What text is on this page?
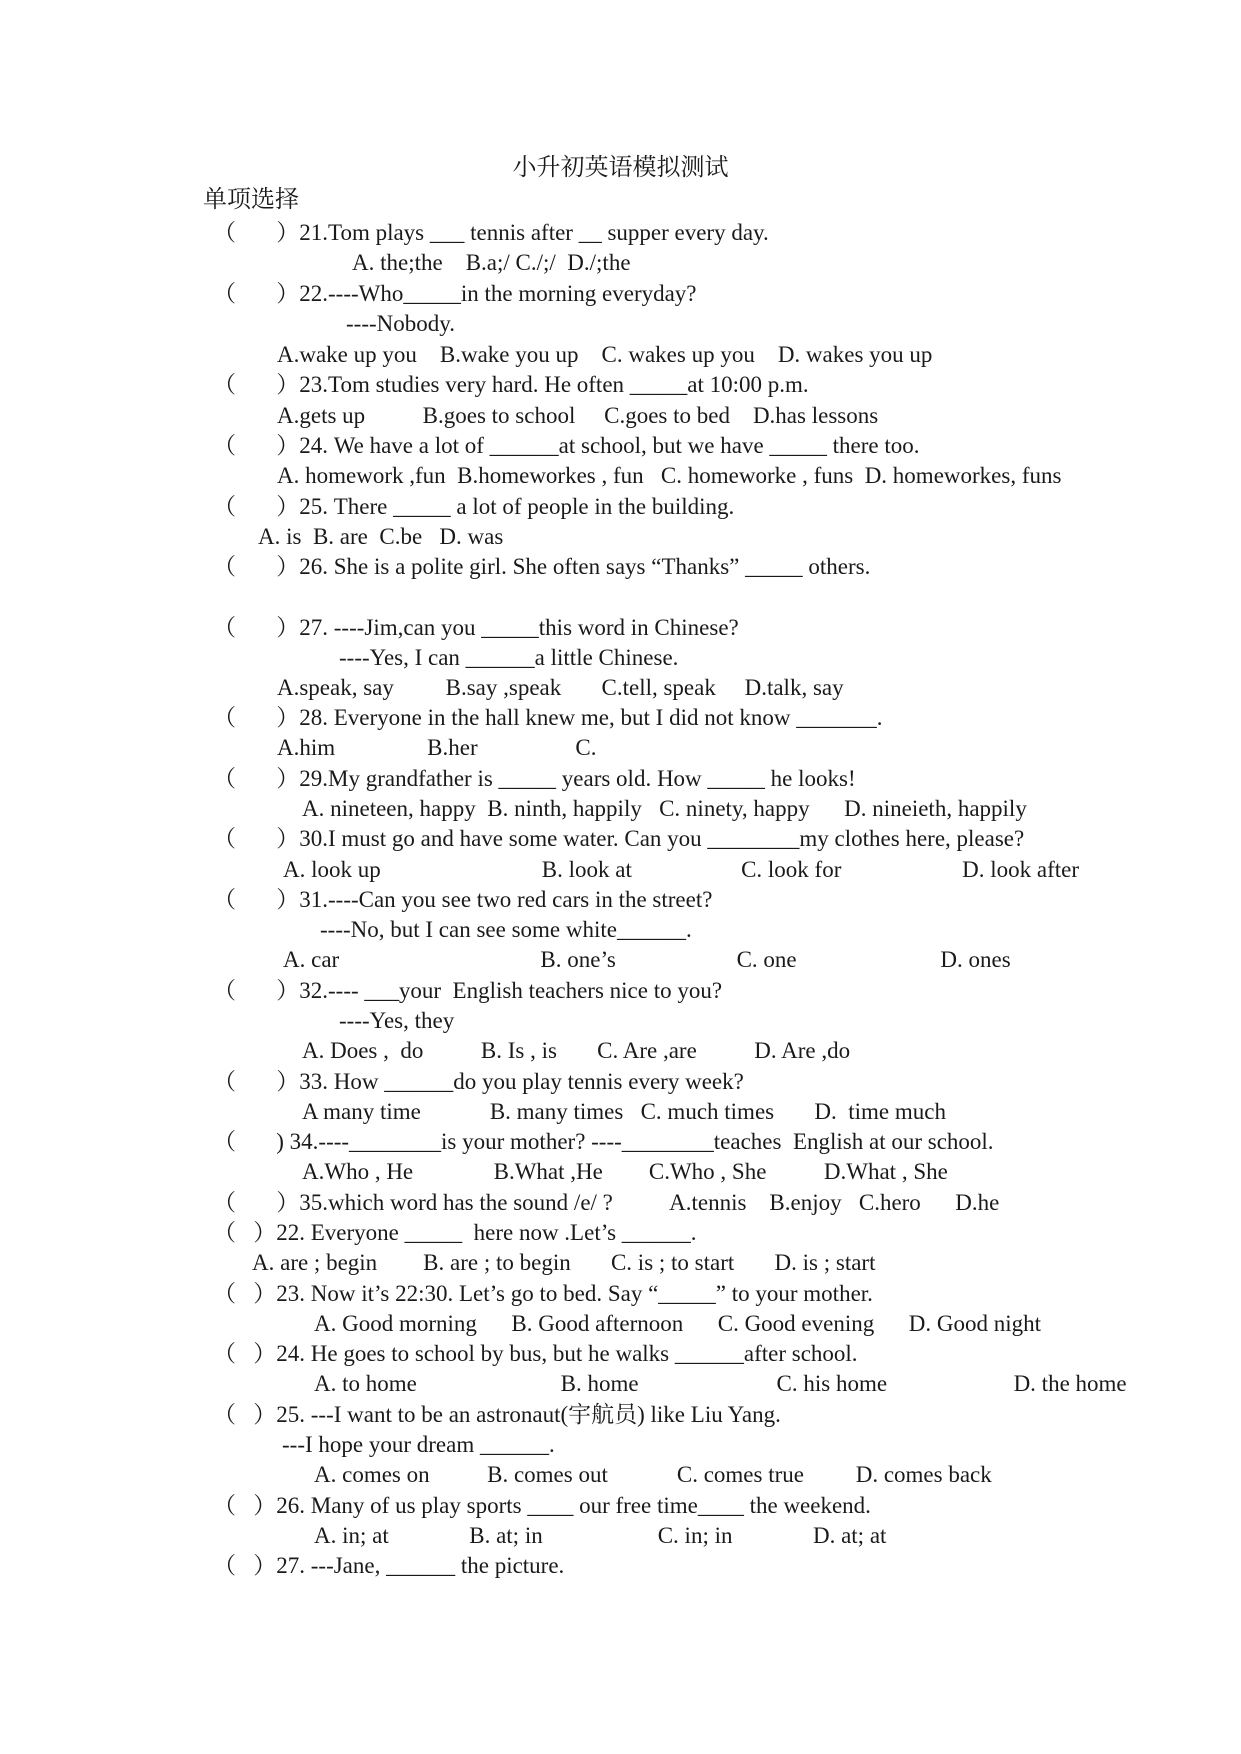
小升初英语模拟测试
单项选择
（       ）21.Tom plays ___ tennis after __ supper every day.
A. the;the    B.a;/ C./;/  D./;the
（       ）22.----Who_____in the morning everyday?
----Nobody.
A.wake up you    B.wake you up    C. wakes up you    D. wakes you up
（       ）23.Tom studies very hard. He often _____at 10:00 p.m.
A.gets up          B.goes to school     C.goes to bed    D.has lessons
（       ）24. We have a lot of ______at school, but we have _____ there too.
A. homework ,fun  B.homeworkes , fun   C. homeworke , funs  D. homeworkes, funs
（       ）25. There _____ a lot of people in the building.
A. is  B. are  C.be   D. was
（       ）26. She is a polite girl. She often says “Thanks” _____ others.
（       ）27. ----Jim,can you _____this word in Chinese?
----Yes, I can ______a little Chinese.
A.speak, say         B.say ,speak       C.tell, speak     D.talk, say
（       ）28. Everyone in the hall knew me, but I did not know _______.
A.him                B.her                 C.
（       ）29.My grandfather is _____ years old. How _____ he looks!
A. nineteen, happy  B. ninth, happily   C. ninety, happy      D. nineieth, happily
（       ）30.I must go and have some water. Can you ________my clothes here, please?
A. look up                            B. look at                   C. look for                     D. look after
（       ）31.----Can you see two red cars in the street?
----No, but I can see some white______.
A. car                                   B. one’s                     C. one                         D. ones
（       ）32.---- ___your  English teachers nice to you?
----Yes, they
A. Does ,  do          B. Is , is       C. Are ,are          D. Are ,do
（       ）33. How ______do you play tennis every week?
A many time            B. many times   C. much times       D.  time much
（       ) 34.----________is your mother? ----________teaches  English at our school.
A.Who , He              B.What ,He        C.Who , She          D.What , She
（       ）35.which word has the sound /e/ ?          A.tennis    B.enjoy   C.hero      D.he
（   ）22. Everyone _____  here now .Let’s ______.
A. are ; begin        B. are ; to begin       C. is ; to start       D. is ; start
（   ）23. Now it’s 22:30. Let’s go to bed. Say “_____” to your mother.
A. Good morning      B. Good afternoon      C. Good evening      D. Good night
（   ）24. He goes to school by bus, but he walks ______after school.
A. to home                         B. home                        C. his home                      D. the home
（   ）25. ---I want to be an astronaut(宇航员) like Liu Yang.
---I hope your dream ______.
A. comes on          B. comes out            C. comes true         D. comes back
（   ）26. Many of us play sports ____ our free time____ the weekend.
A. in; at              B. at; in                    C. in; in              D. at; at
（   ）27. ---Jane, ______ the picture.
